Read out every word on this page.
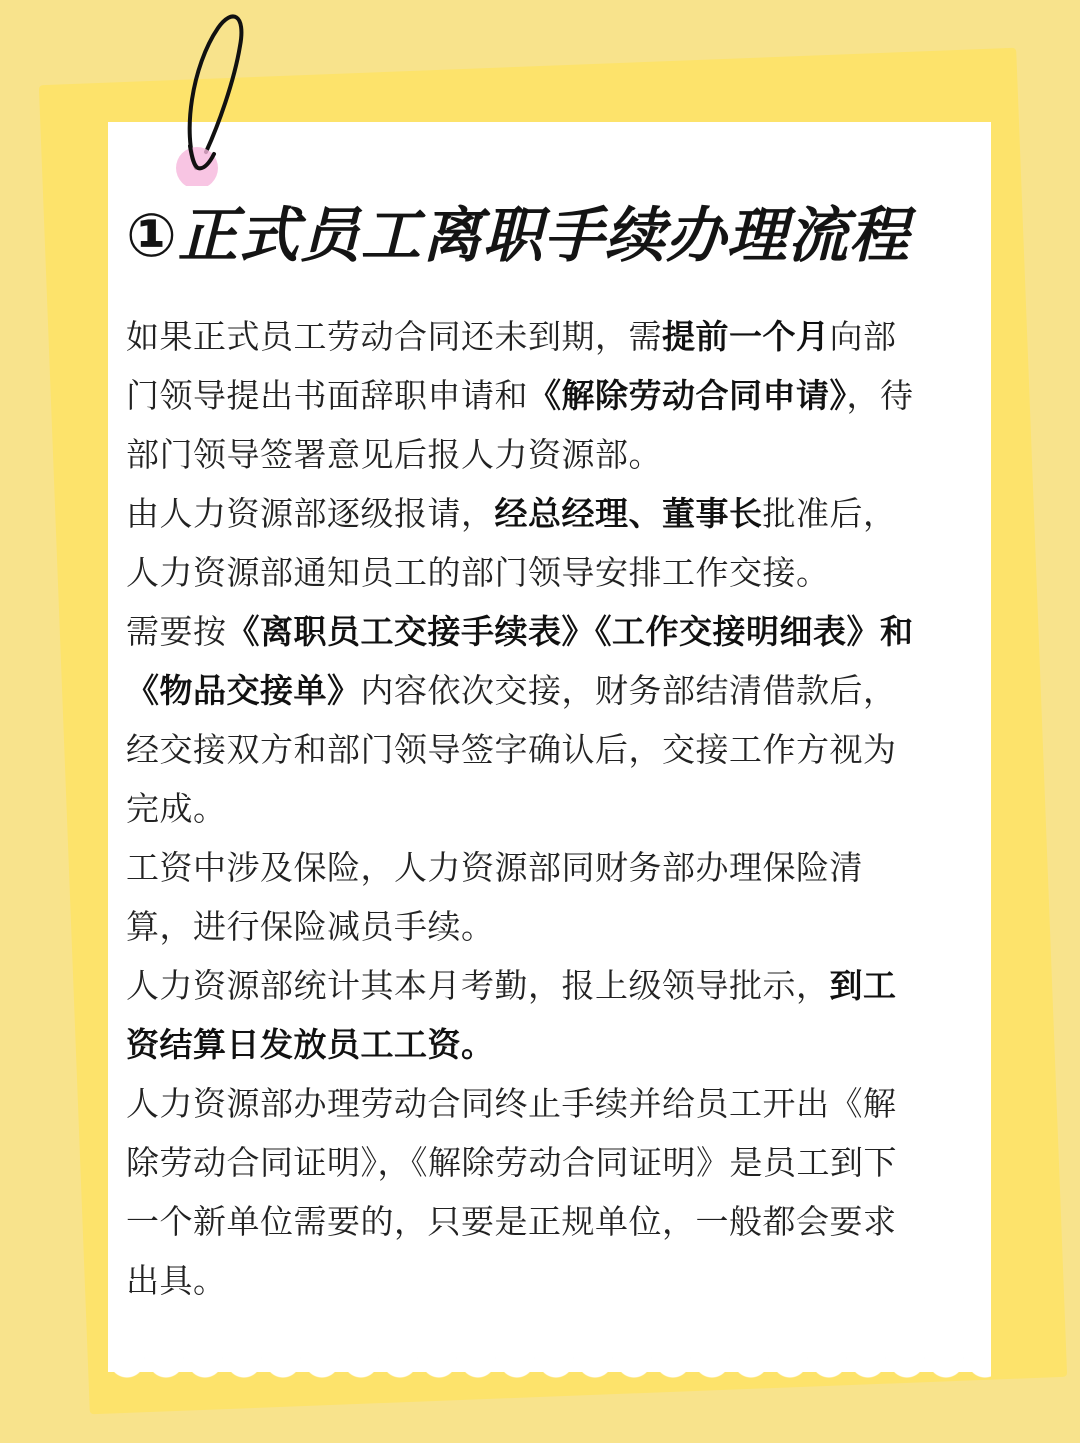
①正式员工离职手续办理流程

如果正式员工劳动合同还未到期，需提前一个月向部门领导提出书面辞职申请和《解除劳动合同申请》，待部门领导签署意见后报人力资源部。

由人力资源部逐级报请，经总经理、董事长批准后，人力资源部通知员工的部门领导安排工作交接。

需要按《离职员工交接手续表》《工作交接明细表》和《物品交接单》内容依次交接，财务部结清借款后，经交接双方和部门领导签字确认后，交接工作方视为完成。

工资中涉及保险，人力资源部同财务部办理保险清算，进行保险减员手续。

人力资源部统计其本月考勤，报上级领导批示，到工资结算日发放员工工资。

人力资源部办理劳动合同终止手续并给员工开出《解除劳动合同证明》，《解除劳动合同证明》是员工到下一个新单位需要的，只要是正规单位，一般都会要求出具。
